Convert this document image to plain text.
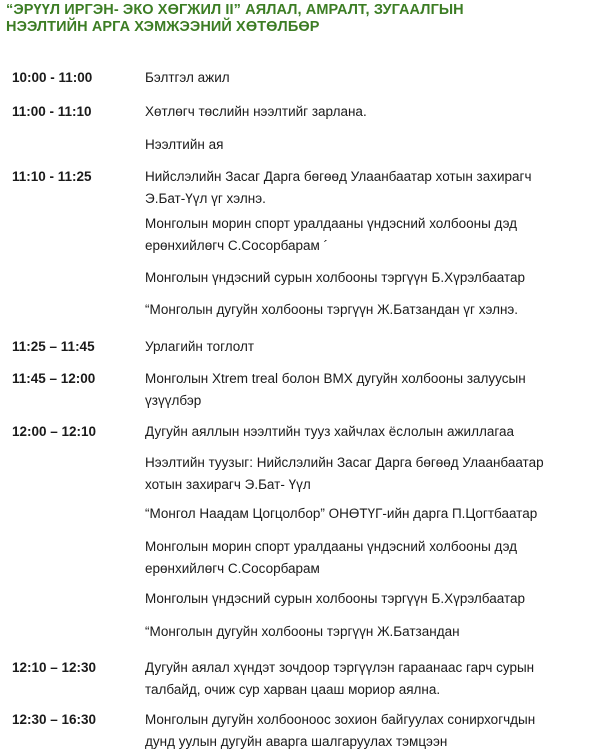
“ЭРҮҮЛ ИРГЭН- ЭКО ХӨГЖИЛ II” АЯЛАЛ, АМРАЛТ, ЗУГААЛГЫН
НЭЭЛТИЙН АРГА ХЭМЖЭЭНИЙ ХӨТӨЛБӨР
10:00 - 11:00	Бэлтгэл ажил
11:00 - 11:10	Хөтлөгч төслийн нээлтийг зарлана.
Нээлтийн ая
11:10 - 11:25	Нийслэлийн Засаг Дарга бөгөөд Улаанбаатар хотын захирагч
Э.Бат-Үүл үг хэлнэ.
Монголын морин спорт уралдааны үндэсний холбооны дэд
ерөнхийлөгч С.Сосорбарам ´
Монголын үндэсний сурын холбооны тэргүүн Б.Хүрэлбаатар
“Монголын дугуйн холбооны тэргүүн Ж.Батзандан үг хэлнэ.
11:25 – 11:45	Урлагийн тоглолт
11:45 – 12:00	Монголын Xtrem treal болон BMX дугуйн холбооны залуусын
үзүүлбэр
12:00 – 12:10	Дугуйн аяллын нээлтийн тууз хайчлах ёслолын ажиллагаа
Нээлтийн туузыг: Нийслэлийн Засаг Дарга бөгөөд Улаанбаатар
хотын захирагч Э.Бат- Үүл
“Монгол Наадам Цогцолбор” ОНӨТҮГ-ийн дарга П.Цогтбаатар
Монголын морин спорт уралдааны үндэсний холбооны дэд
ерөнхийлөгч С.Сосорбарам
Монголын үндэсний сурын холбооны тэргүүн Б.Хүрэлбаатар
“Монголын дугуйн холбооны тэргүүн Ж.Батзандан
12:10 – 12:30	Дугуйн аялал хүндэт зочдоор тэргүүлэн гараанаас гарч сурын
талбайд, очиж сур харван цааш мориор аялна.
12:30 – 16:30	Монголын дугуйн холбооноос зохион байгуулах сонирхогчдын
дунд уулын дугуйн аварга шалгаруулах тэмцээн
